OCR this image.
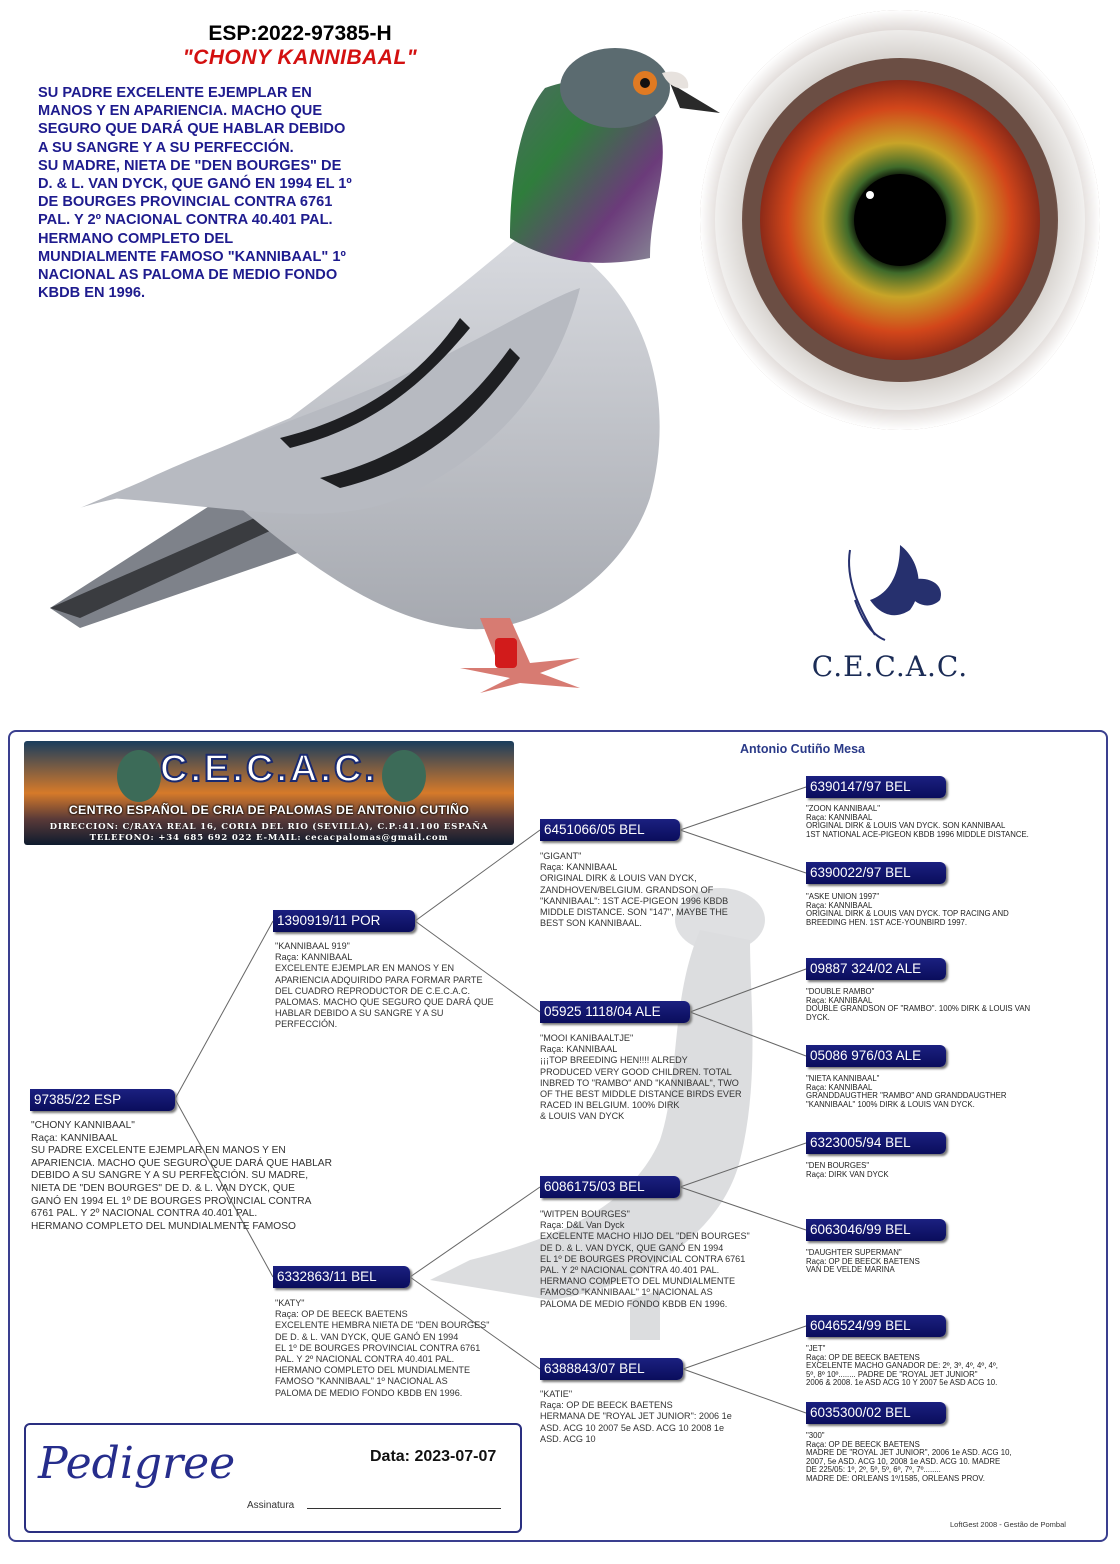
ESP:2022-97385-H
"CHONY KANNIBAAL"
SU PADRE EXCELENTE EJEMPLAR EN
MANOS Y EN APARIENCIA. MACHO QUE
SEGURO QUE DARÁ QUE HABLAR DEBIDO
A SU SANGRE Y A SU PERFECCIÓN.
SU MADRE, NIETA DE "DEN BOURGES" DE
D. & L. VAN DYCK, QUE GANÓ EN 1994 EL 1º
DE BOURGES PROVINCIAL CONTRA 6761
PAL. Y 2º NACIONAL CONTRA 40.401 PAL.
HERMANO COMPLETO DEL
MUNDIALMENTE FAMOSO "KANNIBAAL" 1º
NACIONAL AS PALOMA DE MEDIO FONDO
KBDB EN 1996.
C.E.C.A.C.
C.E.C.A.C.
CENTRO ESPAÑOL DE CRIA DE PALOMAS DE ANTONIO CUTIÑO
DIRECCION: C/RAYA REAL 16, CORIA DEL RIO (SEVILLA), C.P.:41.100 ESPAÑA
TELEFONO: +34 685 692 022 E-MAIL: cecacpalomas@gmail.com
Antonio Cutiño Mesa
97385/22 ESP
"CHONY KANNIBAAL"
Raça: KANNIBAAL
SU PADRE EXCELENTE EJEMPLAR EN MANOS Y EN
APARIENCIA. MACHO QUE SEGURO QUE DARÁ QUE HABLAR
DEBIDO A SU SANGRE Y A SU PERFECCIÓN. SU MADRE,
NIETA DE "DEN BOURGES" DE D. & L. VAN DYCK, QUE
GANÓ EN 1994 EL 1º DE BOURGES PROVINCIAL CONTRA
6761 PAL. Y 2º NACIONAL CONTRA 40.401 PAL.
HERMANO COMPLETO DEL MUNDIALMENTE FAMOSO
1390919/11 POR
"KANNIBAAL 919"
Raça: KANNIBAAL
EXCELENTE EJEMPLAR EN MANOS Y EN
APARIENCIA ADQUIRIDO PARA FORMAR PARTE
DEL CUADRO REPRODUCTOR DE C.E.C.A.C.
PALOMAS. MACHO QUE SEGURO QUE DARÁ QUE
HABLAR DEBIDO A SU SANGRE Y A SU
PERFECCIÓN.
6332863/11 BEL
"KATY"
Raça: OP DE BEECK BAETENS
EXCELENTE HEMBRA NIETA DE "DEN BOURGES"
DE D. & L. VAN DYCK, QUE GANÓ EN 1994
EL 1º DE BOURGES PROVINCIAL CONTRA 6761
PAL. Y 2º NACIONAL CONTRA 40.401 PAL.
HERMANO COMPLETO DEL MUNDIALMENTE
FAMOSO "KANNIBAAL" 1º NACIONAL AS
PALOMA DE MEDIO FONDO KBDB EN 1996.
6451066/05 BEL
"GIGANT"
Raça: KANNIBAAL
ORIGINAL DIRK & LOUIS VAN DYCK,
ZANDHOVEN/BELGIUM. GRANDSON OF
"KANNIBAAL": 1ST ACE-PIGEON 1996 KBDB
MIDDLE DISTANCE. SON "147", MAYBE THE
BEST SON KANNIBAAL.
05925 1118/04 ALE
"MOOI KANIBAALTJE"
Raça: KANNIBAAL
¡¡¡TOP BREEDING HEN!!!! ALREDY
PRODUCED VERY GOOD CHILDREN. TOTAL
INBRED TO "RAMBO" AND "KANNIBAAL", TWO
OF THE BEST MIDDLE DISTANCE BIRDS EVER
RACED IN BELGIUM. 100% DIRK
& LOUIS VAN DYCK
6086175/03 BEL
"WITPEN BOURGES"
Raça: D&L Van Dyck
EXCELENTE MACHO HIJO DEL "DEN BOURGES"
DE D. & L. VAN DYCK, QUE GANÓ EN 1994
EL 1º DE BOURGES PROVINCIAL CONTRA 6761
PAL. Y 2º NACIONAL CONTRA 40.401 PAL.
HERMANO COMPLETO DEL MUNDIALMENTE
FAMOSO "KANNIBAAL" 1º NACIONAL AS
PALOMA DE MEDIO FONDO KBDB EN 1996.
6388843/07 BEL
"KATIE"
Raça: OP DE BEECK BAETENS
HERMANA DE "ROYAL JET JUNIOR": 2006 1e
ASD. ACG 10 2007 5e ASD. ACG 10 2008 1e
ASD. ACG 10
6390147/97 BEL
"ZOON KANNIBAAL"
Raça: KANNIBAAL
ORIGINAL DIRK & LOUIS VAN DYCK. SON KANNIBAAL
1ST NATIONAL ACE-PIGEON KBDB 1996 MIDDLE DISTANCE.
6390022/97 BEL
"ASKE UNION 1997"
Raça: KANNIBAAL
ORIGINAL DIRK & LOUIS VAN DYCK. TOP RACING AND
BREEDING HEN. 1ST ACE-YOUNBIRD 1997.
09887 324/02 ALE
"DOUBLE RAMBO"
Raça: KANNIBAAL
DOUBLE GRANDSON OF "RAMBO". 100% DIRK & LOUIS VAN
DYCK.
05086 976/03 ALE
"NIETA KANNIBAAL"
Raça: KANNIBAAL
GRANDDAUGTHER "RAMBO" AND GRANDDAUGTHER
"KANNIBAAL" 100% DIRK & LOUIS VAN DYCK.
6323005/94 BEL
"DEN BOURGES"
Raça: DIRK VAN DYCK
6063046/99 BEL
"DAUGHTER SUPERMAN"
Raça: OP DE BEECK BAETENS
VAN DE VELDE MARINA
6046524/99 BEL
"JET"
Raça: OP DE BEECK BAETENS
EXCELENTE MACHO GANADOR DE: 2º, 3º, 4º, 4º, 4º,
5º, 8º 10º........ PADRE DE "ROYAL JET JUNIOR"
2006 & 2008. 1e ASD ACG 10 Y 2007 5e ASD ACG 10.
6035300/02 BEL
"300"
Raça: OP DE BEECK BAETENS
MADRE DE "ROYAL JET JUNIOR", 2006 1e ASD. ACG 10,
2007, 5e ASD. ACG 10, 2008 1e ASD. ACG 10. MADRE
DE 225/05: 1º, 2º, 5º, 5º, 6º, 7º, 7º........
MADRE DE: ORLEANS 1º/1585, ORLEANS PROV.
Pedigree	Data: 2023-07-07
Assinatura
LoftGest 2008 - Gestão de Pombal
